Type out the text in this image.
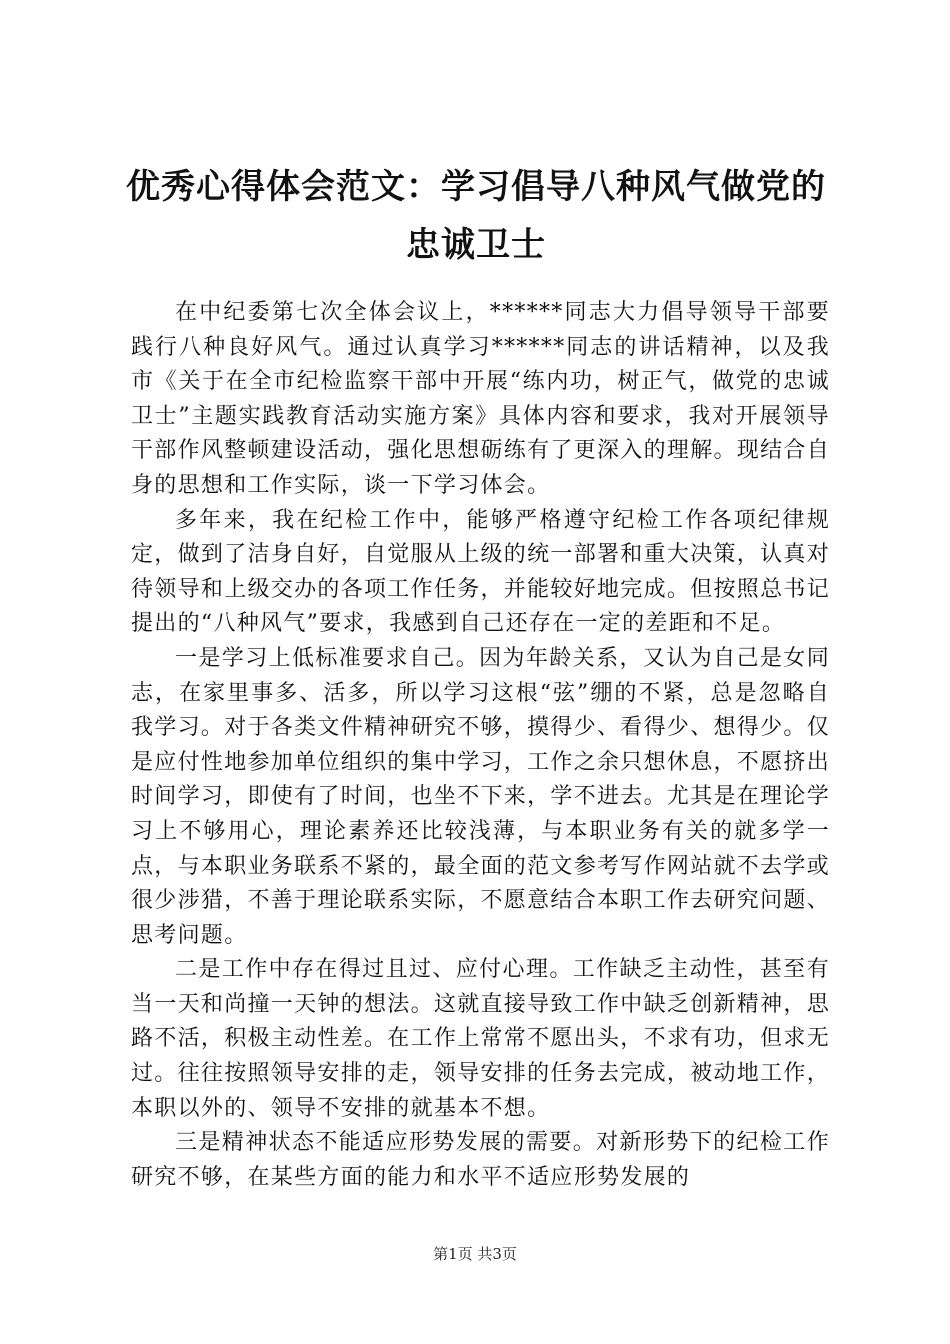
优秀心得体会范文：学习倡导八种风气做党的忠诚卫士

在中纪委第七次全体会议上，******同志大力倡导领导干部要践行八种良好风气。通过认真学习******同志的讲话精神，以及我市《关于在全市纪检监察干部中开展“练内功，树正气，做党的忠诚卫士”主题实践教育活动实施方案》具体内容和要求，我对开展领导干部作风整顿建设活动，强化思想砺练有了更深入的理解。现结合自身的思想和工作实际，谈一下学习体会。

多年来，我在纪检工作中，能够严格遵守纪检工作各项纪律规定，做到了洁身自好，自觉服从上级的统一部署和重大决策，认真对待领导和上级交办的各项工作任务，并能较好地完成。但按照总书记提出的“八种风气”要求，我感到自己还存在一定的差距和不足。

一是学习上低标准要求自己。因为年龄关系，又认为自己是女同志，在家里事多、活多，所以学习这根“弦”绷的不紧，总是忽略自我学习。对于各类文件精神研究不够，摸得少、看得少、想得少。仅是应付性地参加单位组织的集中学习，工作之余只想休息，不愿挤出时间学习，即使有了时间，也坐不下来，学不进去。尤其是在理论学习上不够用心，理论素养还比较浅薄，与本职业务有关的就多学一点，与本职业务联系不紧的，最全面的范文参考写作网站就不去学或很少涉猎，不善于理论联系实际，不愿意结合本职工作去研究问题、思考问题。

二是工作中存在得过且过、应付心理。工作缺乏主动性，甚至有当一天和尚撞一天钟的想法。这就直接导致工作中缺乏创新精神，思路不活，积极主动性差。在工作上常常不愿出头，不求有功，但求无过。往往按照领导安排的走，领导安排的任务去完成，被动地工作，本职以外的、领导不安排的就基本不想。

三是精神状态不能适应形势发展的需要。对新形势下的纪检工作研究不够，在某些方面的能力和水平不适应形势发展的

第1页 共3页
